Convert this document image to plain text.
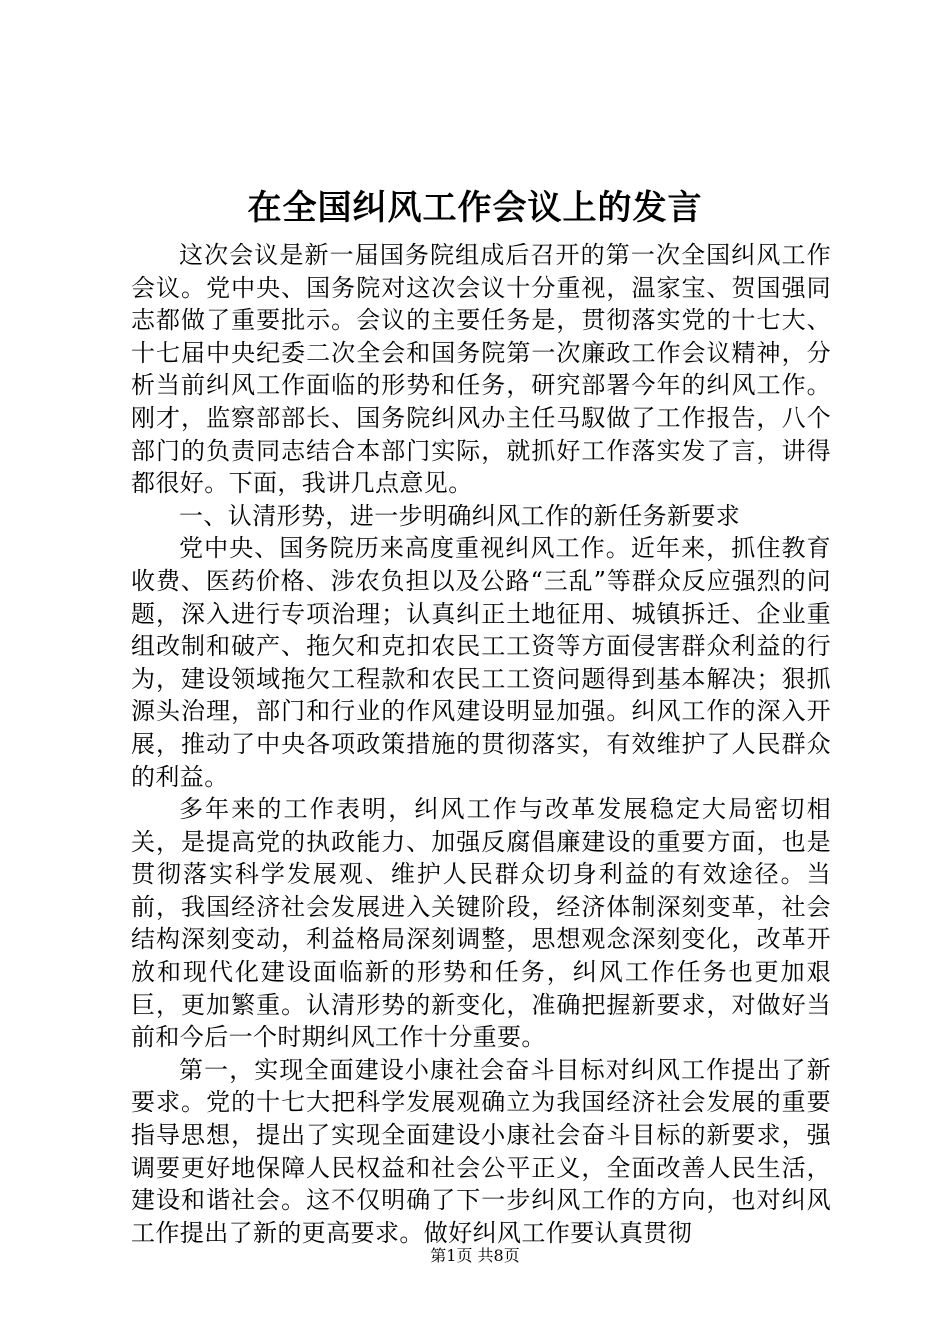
在全国纠风工作会议上的发言

这次会议是新一届国务院组成后召开的第一次全国纠风工作会议。党中央、国务院对这次会议十分重视，温家宝、贺国强同志都做了重要批示。会议的主要任务是，贯彻落实党的十七大、十七届中央纪委二次全会和国务院第一次廉政工作会议精神，分析当前纠风工作面临的形势和任务，研究部署今年的纠风工作。刚才，监察部部长、国务院纠风办主任马馭做了工作报告，八个部门的负责同志结合本部门实际，就抓好工作落实发了言，讲得都很好。下面，我讲几点意见。

一、认清形势，进一步明确纠风工作的新任务新要求

党中央、国务院历来高度重视纠风工作。近年来，抓住教育收费、医药价格、涉农负担以及公路“三乱”等群众反应强烈的问题，深入进行专项治理；认真纠正土地征用、城镇拆迁、企业重组改制和破产、拖欠和克扣农民工工资等方面侵害群众利益的行为，建设领域拖欠工程款和农民工工资问题得到基本解决；狠抓源头治理，部门和行业的作风建设明显加强。纠风工作的深入开展，推动了中央各项政策措施的贯彻落实，有效维护了人民群众的利益。

多年来的工作表明，纠风工作与改革发展稳定大局密切相关，是提高党的执政能力、加强反腐倡廉建设的重要方面，也是贯彻落实科学发展观、维护人民群众切身利益的有效途径。当前，我国经济社会发展进入关键阶段，经济体制深刻变革，社会结构深刻变动，利益格局深刻调整，思想观念深刻变化，改革开放和现代化建设面临新的形势和任务，纠风工作任务也更加艰巨，更加繁重。认清形势的新变化，准确把握新要求，对做好当前和今后一个时期纠风工作十分重要。

第一，实现全面建设小康社会奋斗目标对纠风工作提出了新要求。党的十七大把科学发展观确立为我国经济社会发展的重要指导思想，提出了实现全面建设小康社会奋斗目标的新要求，强调要更好地保障人民权益和社会公平正义，全面改善人民生活，建设和谐社会。这不仅明确了下一步纠风工作的方向，也对纠风工作提出了新的更高要求。做好纠风工作要认真贯彻

第1页 共8页
